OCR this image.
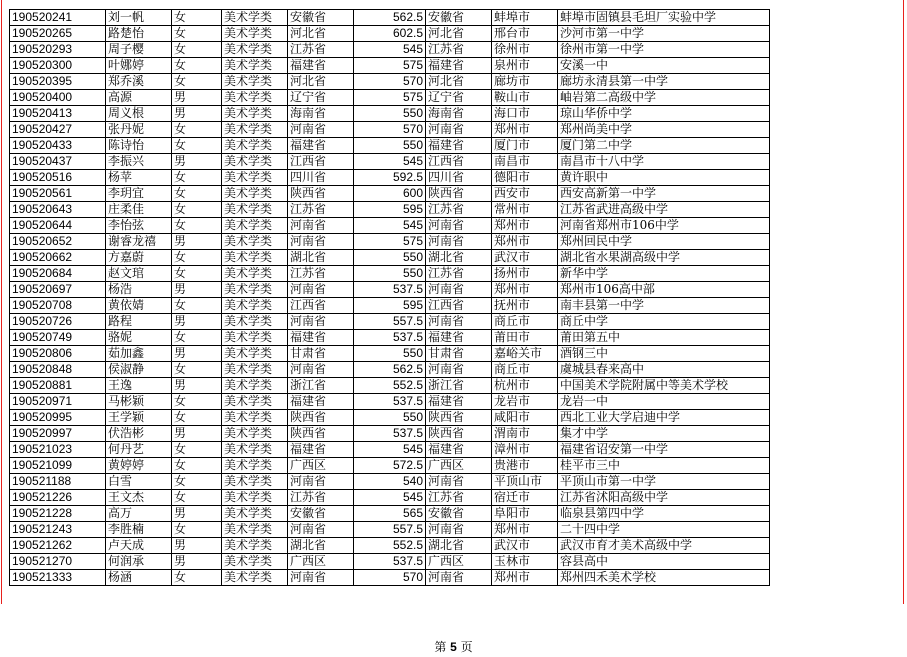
190520241	刘一帆	女	美术学类	安徽省	562.5	安徽省	蚌埠市	蚌埠市固镇县毛坦厂实验中学
190520265	路楚怡	女	美术学类	河北省	602.5	河北省	邢台市	沙河市第一中学
190520293	周子樱	女	美术学类	江苏省	545	江苏省	徐州市	徐州市第一中学
190520300	叶娜婷	女	美术学类	福建省	575	福建省	泉州市	安溪一中
190520395	郑乔溪	女	美术学类	河北省	570	河北省	廊坊市	廊坊永清县第一中学
190520400	高源	男	美术学类	辽宁省	575	辽宁省	鞍山市	岫岩第二高级中学
190520413	周义根	男	美术学类	海南省	550	海南省	海口市	琼山华侨中学
190520427	张丹妮	女	美术学类	河南省	570	河南省	郑州市	郑州尚美中学
190520433	陈诗怡	女	美术学类	福建省	550	福建省	厦门市	厦门第二中学
190520437	李振兴	男	美术学类	江西省	545	江西省	南昌市	南昌市十八中学
190520516	杨苹	女	美术学类	四川省	592.5	四川省	德阳市	黄许职中
190520561	李玥宜	女	美术学类	陕西省	600	陕西省	西安市	西安高新第一中学
190520643	庄柔佳	女	美术学类	江苏省	595	江苏省	常州市	江苏省武进高级中学
190520644	李怡弦	女	美术学类	河南省	545	河南省	郑州市	河南省郑州市106中学
190520652	谢睿龙禧	男	美术学类	河南省	575	河南省	郑州市	郑州回民中学
190520662	方嘉蔚	女	美术学类	湖北省	550	湖北省	武汉市	湖北省水果湖高级中学
190520684	赵文琯	女	美术学类	江苏省	550	江苏省	扬州市	新华中学
190520697	杨浩	男	美术学类	河南省	537.5	河南省	郑州市	郑州市106高中部
190520708	黄依婧	女	美术学类	江西省	595	江西省	抚州市	南丰县第一中学
190520726	路程	男	美术学类	河南省	557.5	河南省	商丘市	商丘中学
190520749	骆妮	女	美术学类	福建省	537.5	福建省	莆田市	莆田第五中
190520806	茹加鑫	男	美术学类	甘肃省	550	甘肃省	嘉峪关市	酒钢三中
190520848	侯淑静	女	美术学类	河南省	562.5	河南省	商丘市	虞城县春来高中
190520881	王逸	男	美术学类	浙江省	552.5	浙江省	杭州市	中国美术学院附属中等美术学校
190520971	马彬颖	女	美术学类	福建省	537.5	福建省	龙岩市	龙岩一中
190520995	王学颖	女	美术学类	陕西省	550	陕西省	咸阳市	西北工业大学启迪中学
190520997	伏浩彬	男	美术学类	陕西省	537.5	陕西省	渭南市	集才中学
190521023	何丹艺	女	美术学类	福建省	545	福建省	漳州市	福建省诏安第一中学
190521099	黄婷婷	女	美术学类	广西区	572.5	广西区	贵港市	桂平市三中
190521188	白雪	女	美术学类	河南省	540	河南省	平顶山市	平顶山市第一中学
190521226	王文杰	女	美术学类	江苏省	545	江苏省	宿迁市	江苏省沭阳高级中学
190521228	高万	男	美术学类	安徽省	565	安徽省	阜阳市	临泉县第四中学
190521243	李胜楠	女	美术学类	河南省	557.5	河南省	郑州市	二十四中学
190521262	卢天成	男	美术学类	湖北省	552.5	湖北省	武汉市	武汉市育才美术高级中学
190521270	何润承	男	美术学类	广西区	537.5	广西区	玉林市	容县高中
190521333	杨涵	女	美术学类	河南省	570	河南省	郑州市	郑州四禾美术学校
第 5 页
